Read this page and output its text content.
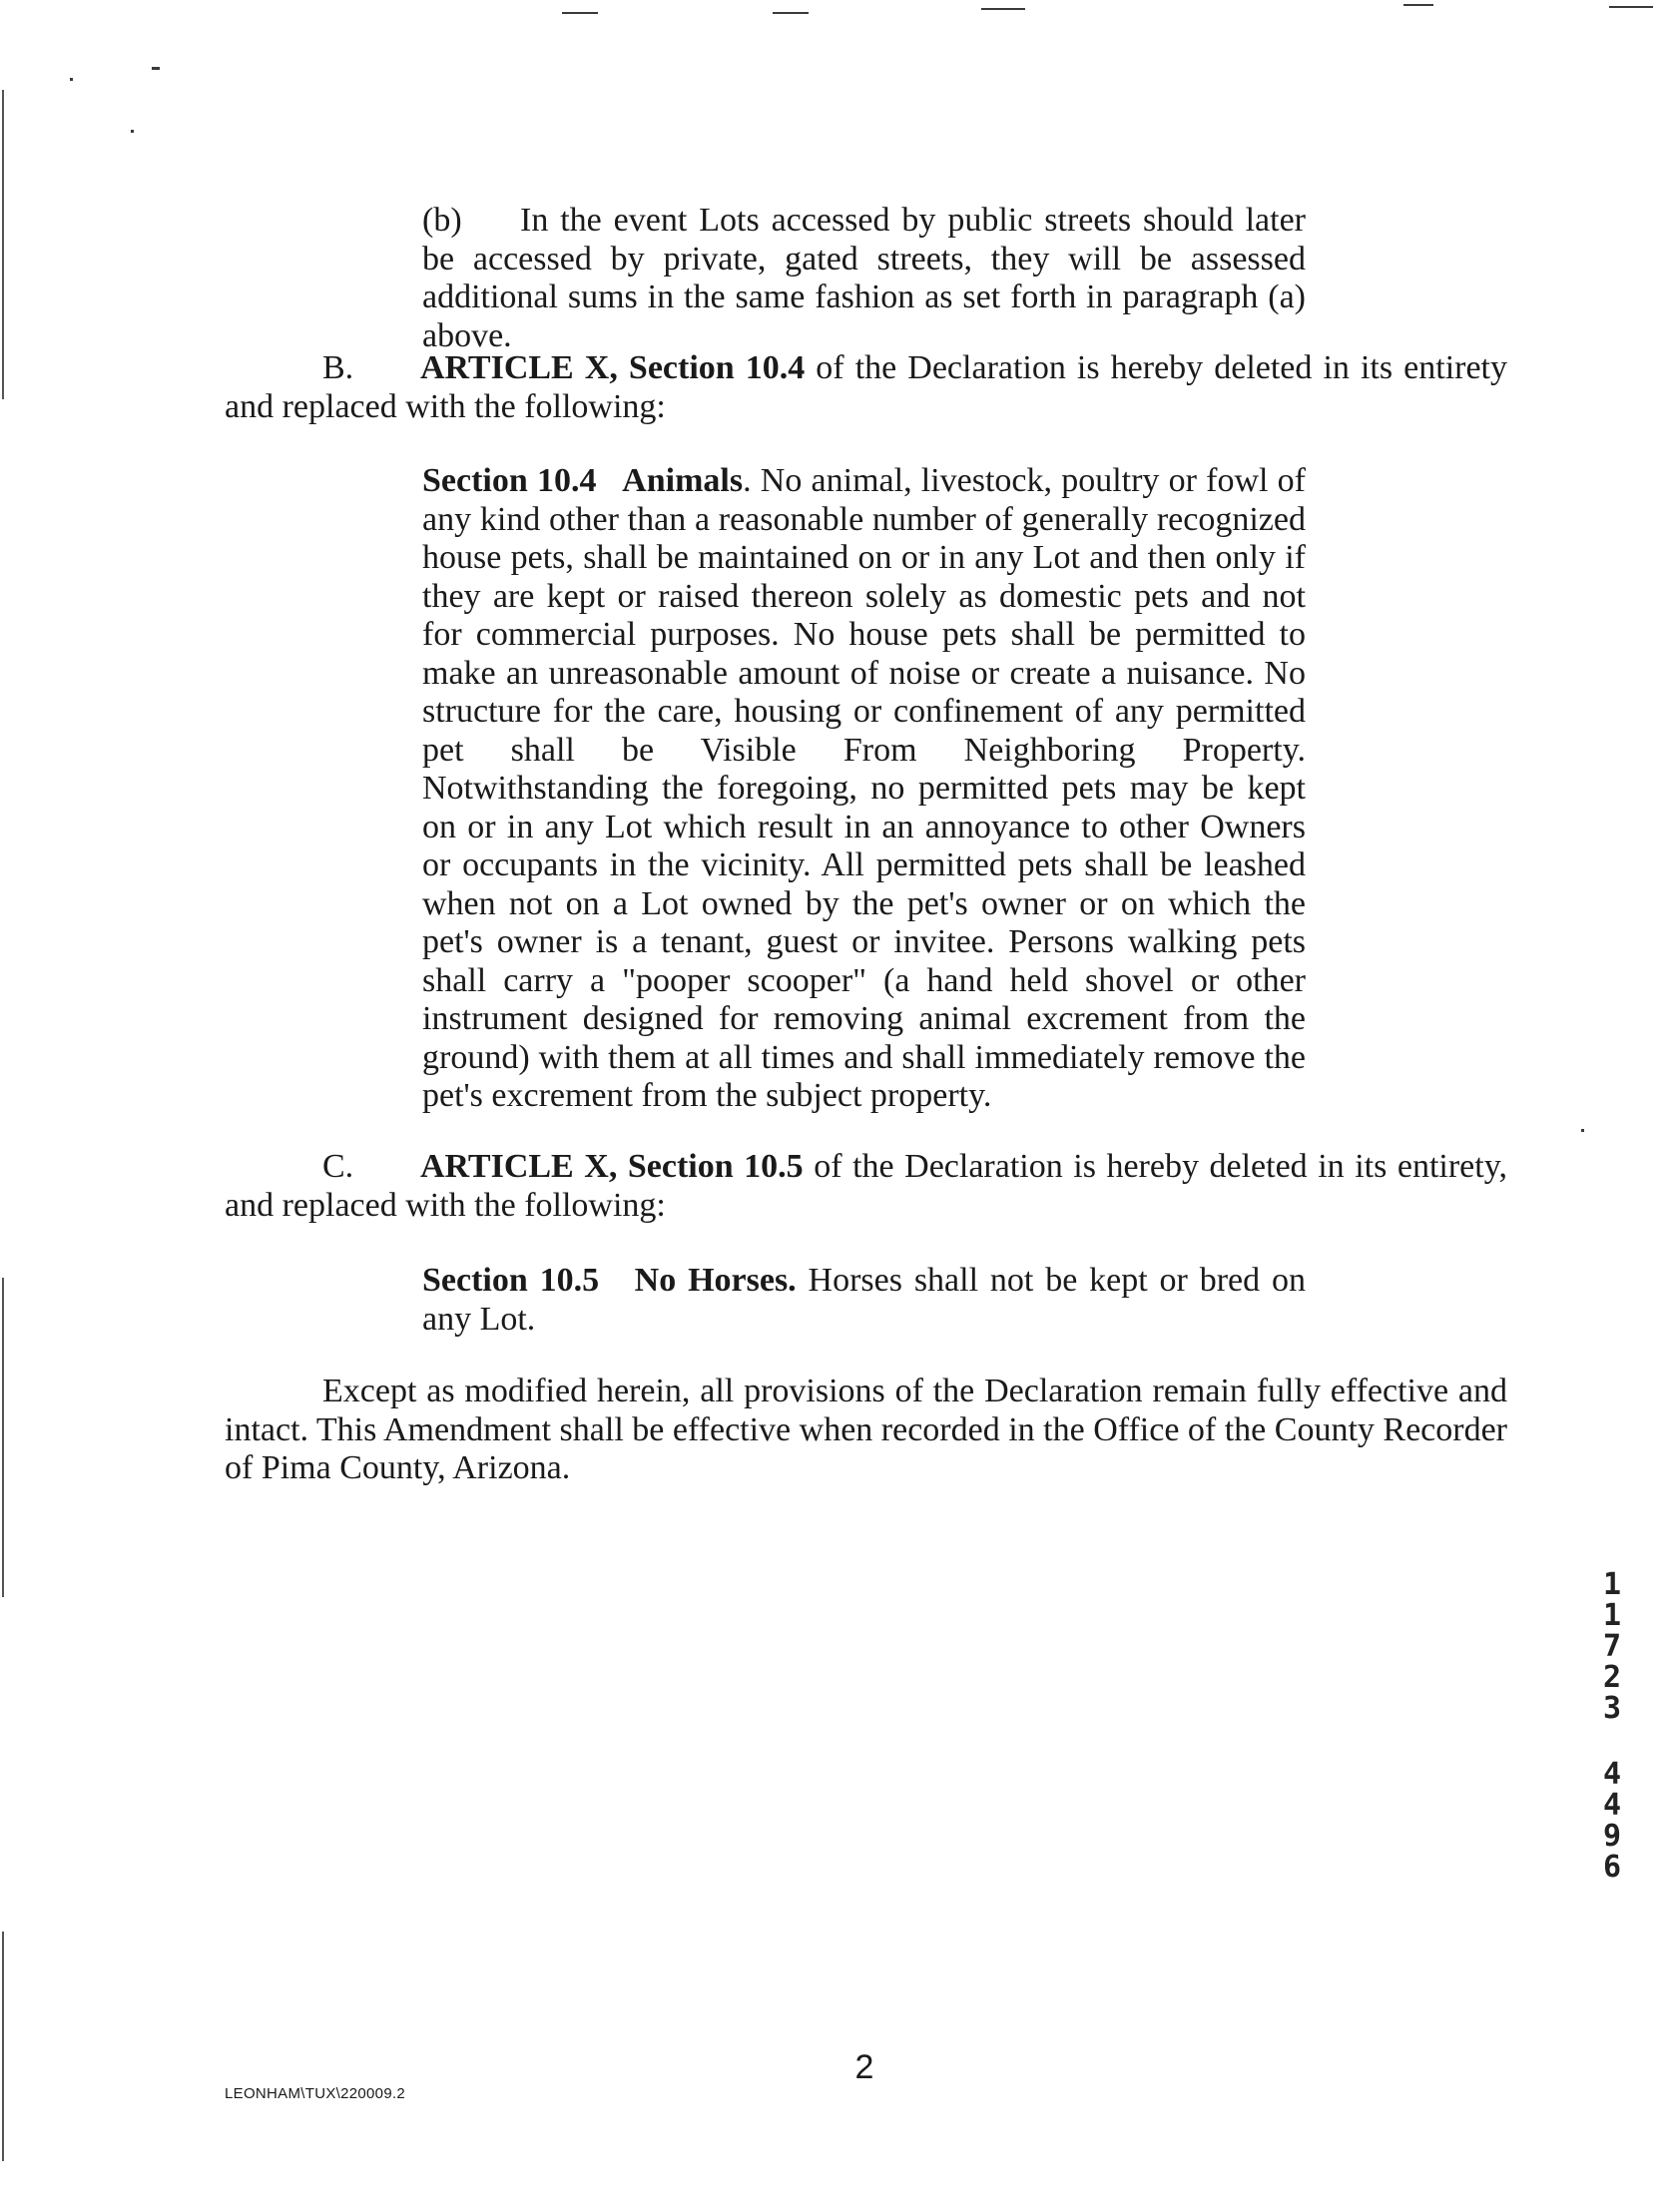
(b) In the event Lots accessed by public streets should later be accessed by private, gated streets, they will be assessed additional sums in the same fashion as set forth in paragraph (a) above.
B. ARTICLE X, Section 10.4 of the Declaration is hereby deleted in its entirety and replaced with the following:
Section 10.4   Animals. No animal, livestock, poultry or fowl of any kind other than a reasonable number of generally recognized house pets, shall be maintained on or in any Lot and then only if they are kept or raised thereon solely as domestic pets and not for commercial purposes. No house pets shall be permitted to make an unreasonable amount of noise or create a nuisance. No structure for the care, housing or confinement of any permitted pet shall be Visible From Neighboring Property. Notwithstanding the foregoing, no permitted pets may be kept on or in any Lot which result in an annoyance to other Owners or occupants in the vicinity. All permitted pets shall be leashed when not on a Lot owned by the pet's owner or on which the pet's owner is a tenant, guest or invitee. Persons walking pets shall carry a "pooper scooper" (a hand held shovel or other instrument designed for removing animal excrement from the ground) with them at all times and shall immediately remove the pet's excrement from the subject property.
C. ARTICLE X, Section 10.5 of the Declaration is hereby deleted in its entirety, and replaced with the following:
Section 10.5   No Horses. Horses shall not be kept or bred on any Lot.
Except as modified herein, all provisions of the Declaration remain fully effective and intact. This Amendment shall be effective when recorded in the Office of the County Recorder of Pima County, Arizona.
1
1
7
2
3
4
4
9
6
2
LEONHAM\TUX\220009.2
